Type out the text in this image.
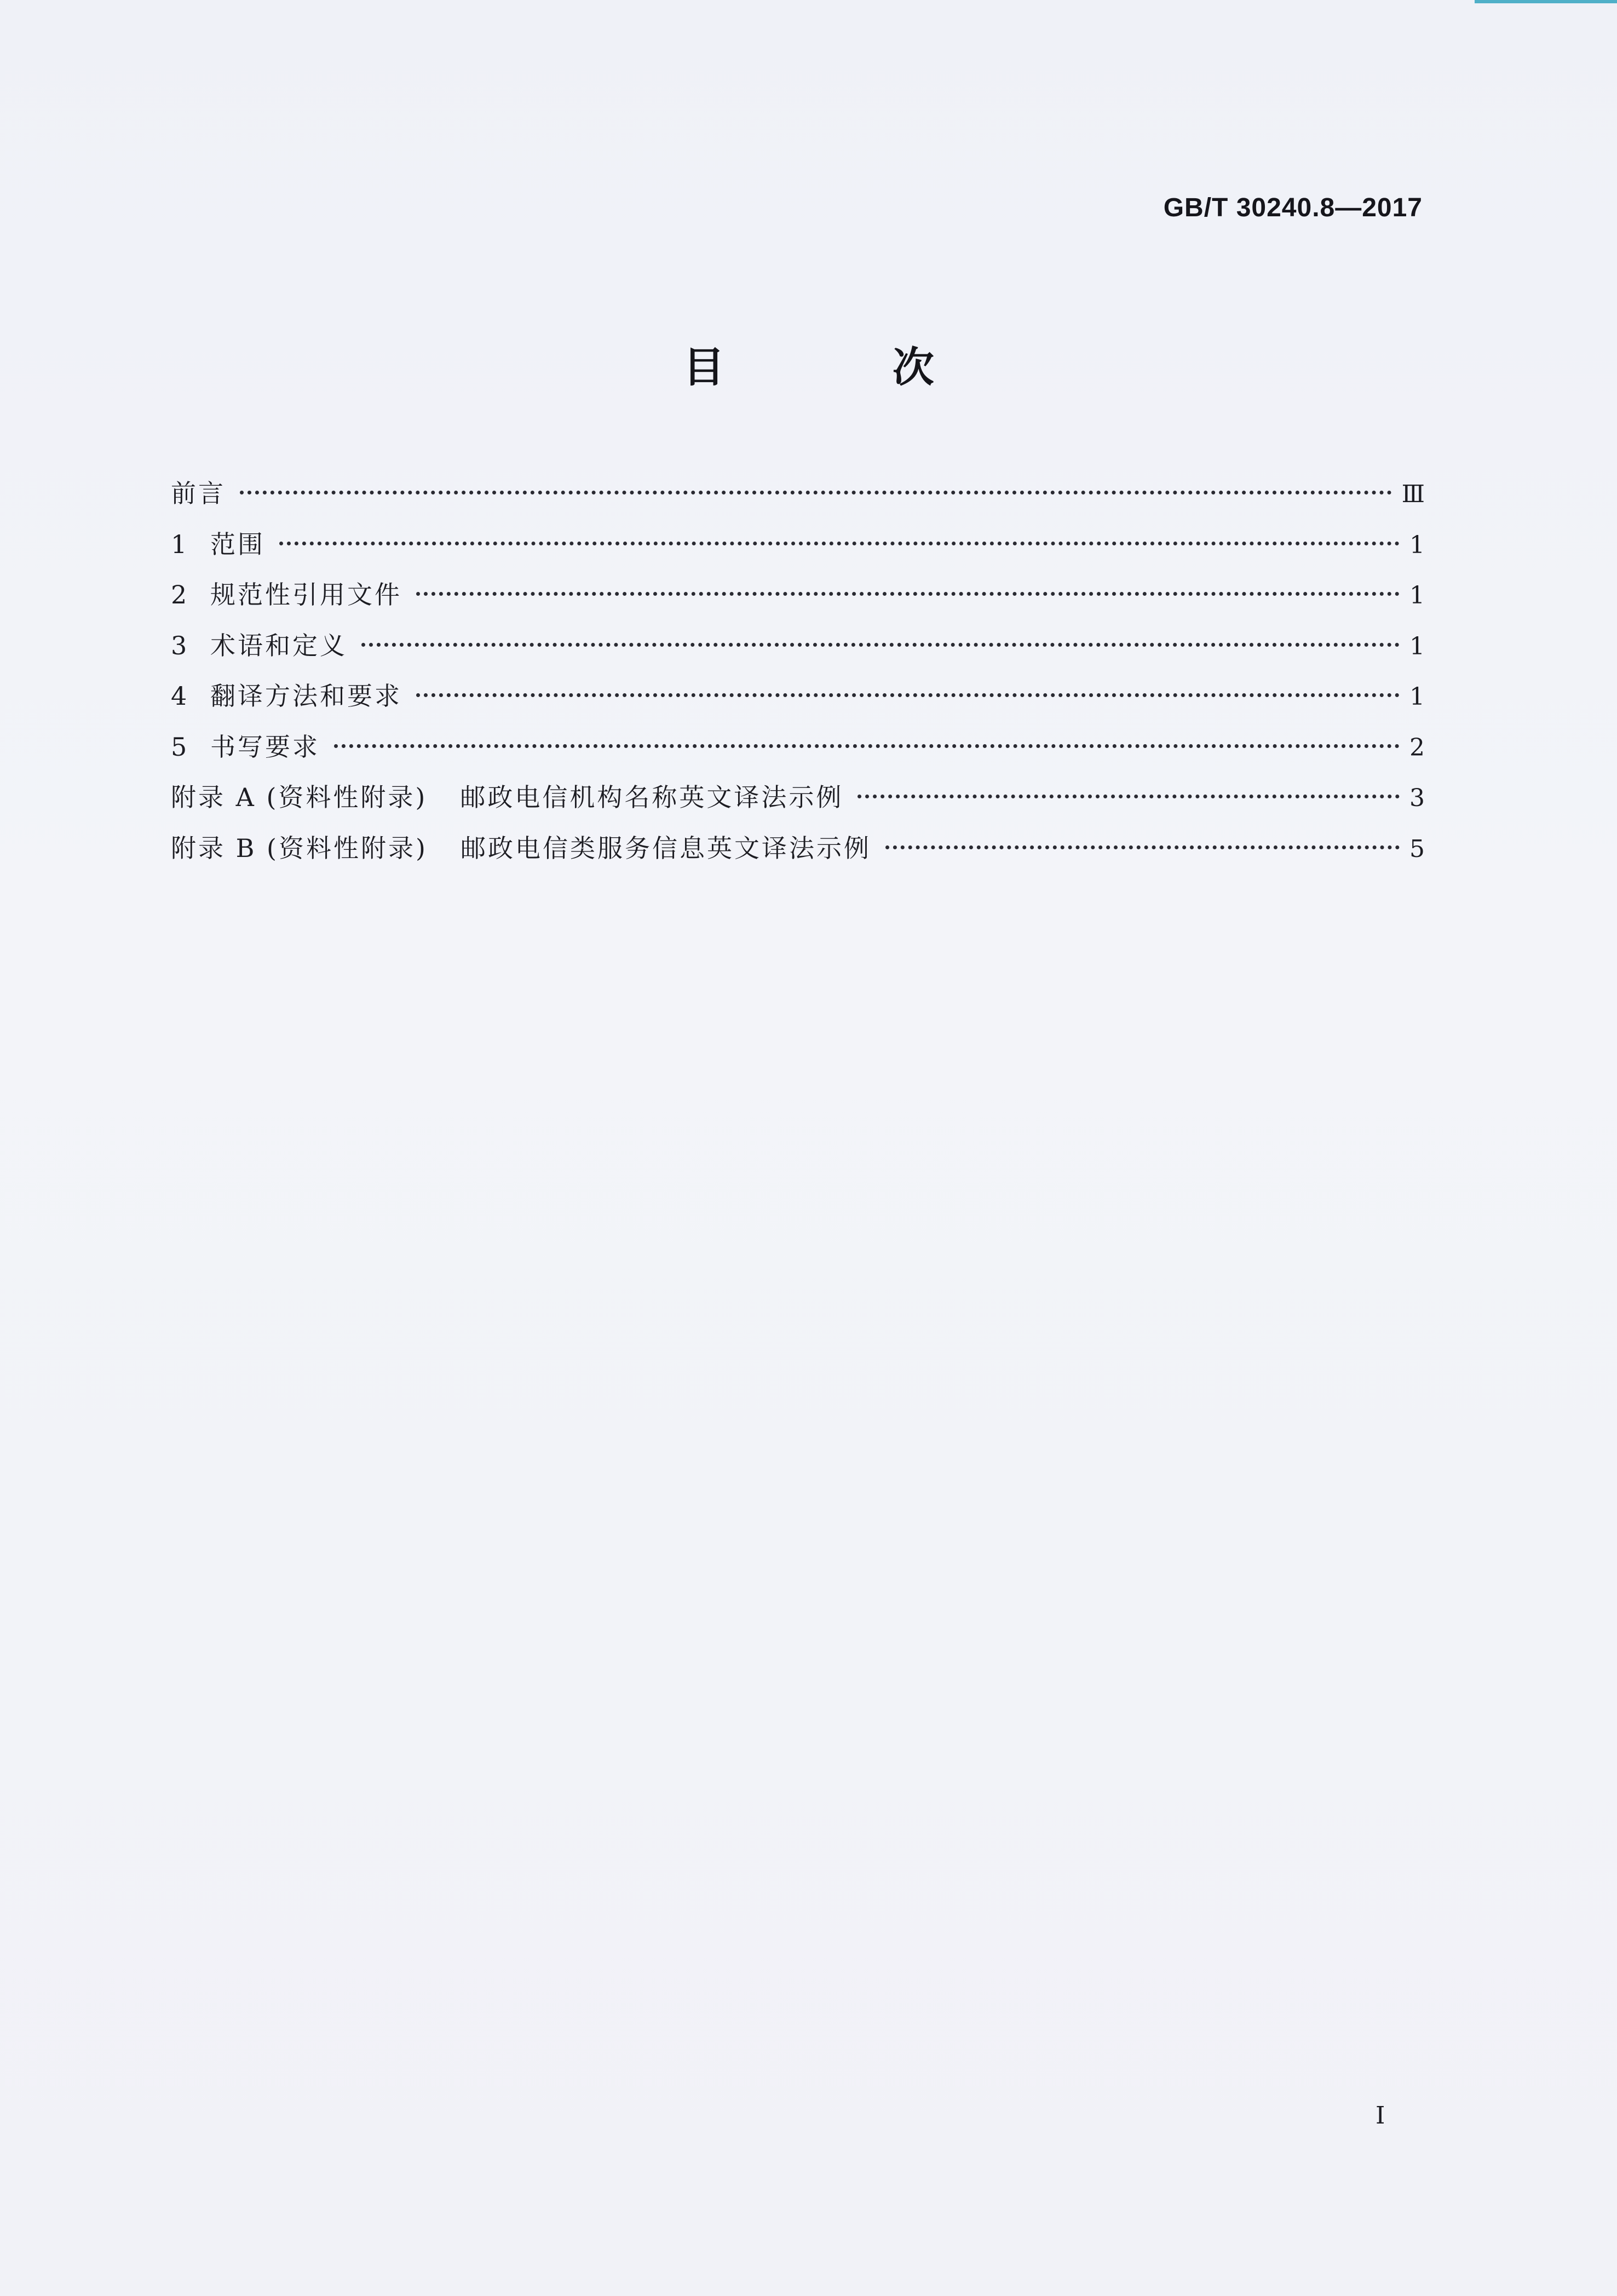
GB/T 30240.8—2017
目 次
前言	Ⅲ
1 范围	1
2 规范性引用文件	1
3 术语和定义	1
4 翻译方法和要求	1
5 书写要求	2
附录 A (资料性附录) 邮政电信机构名称英文译法示例	3
附录 B (资料性附录) 邮政电信类服务信息英文译法示例	5
I
